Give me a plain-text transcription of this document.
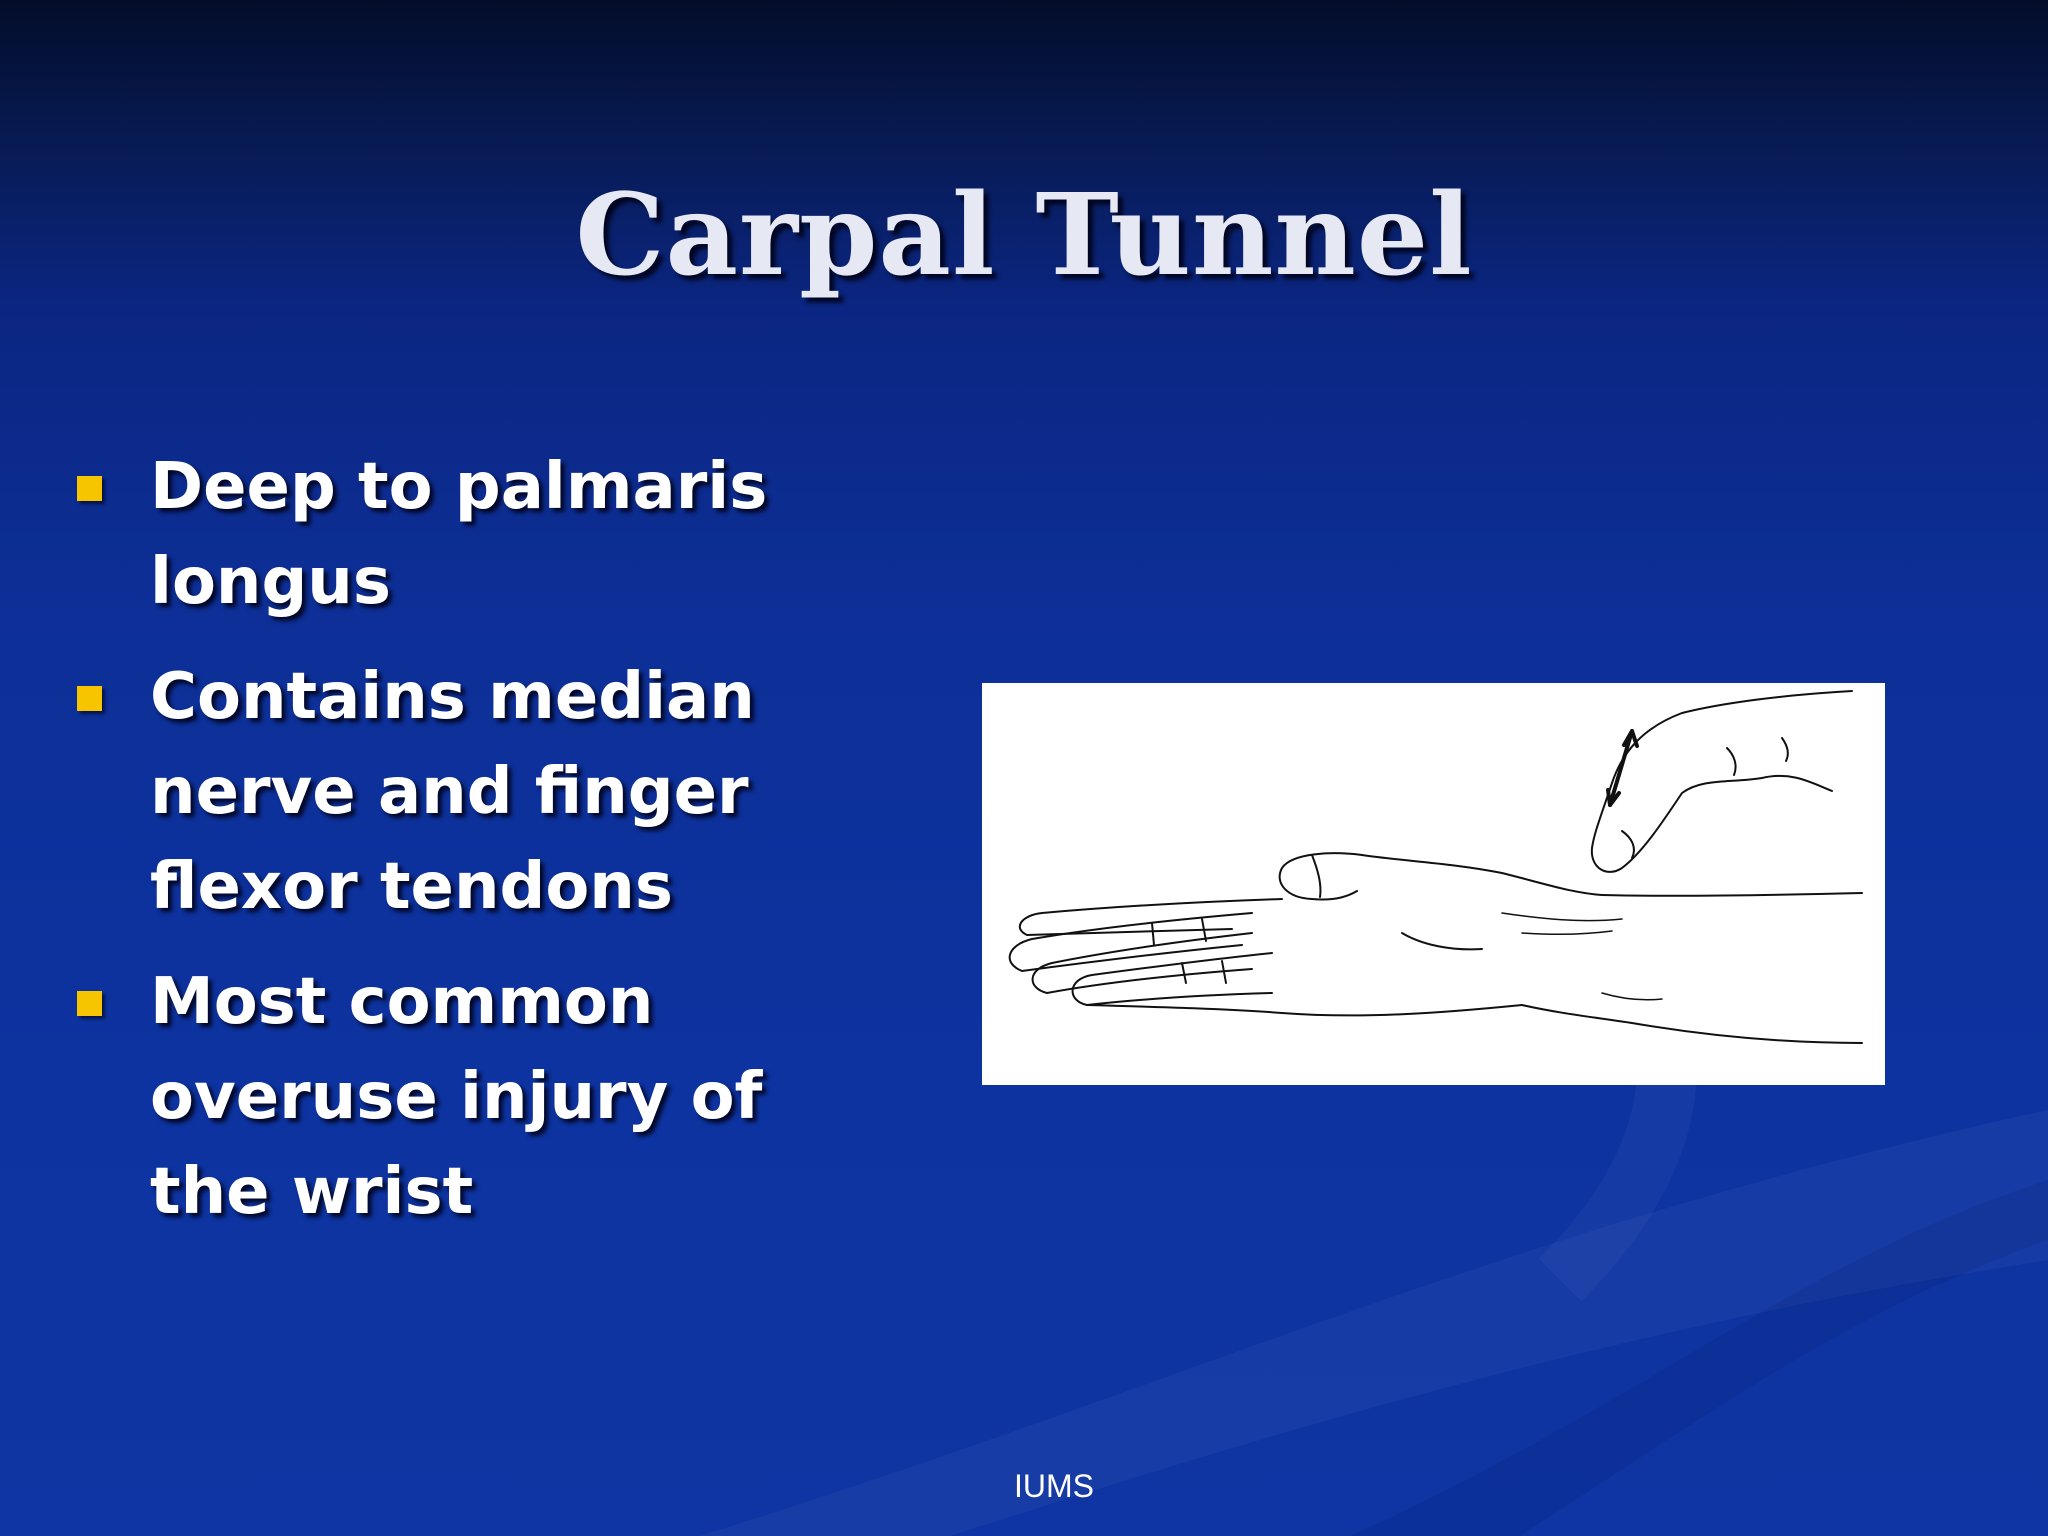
Carpal Tunnel
Deep to palmaris longus
Contains median nerve and finger flexor tendons
Most common overuse injury of the wrist
IUMS
